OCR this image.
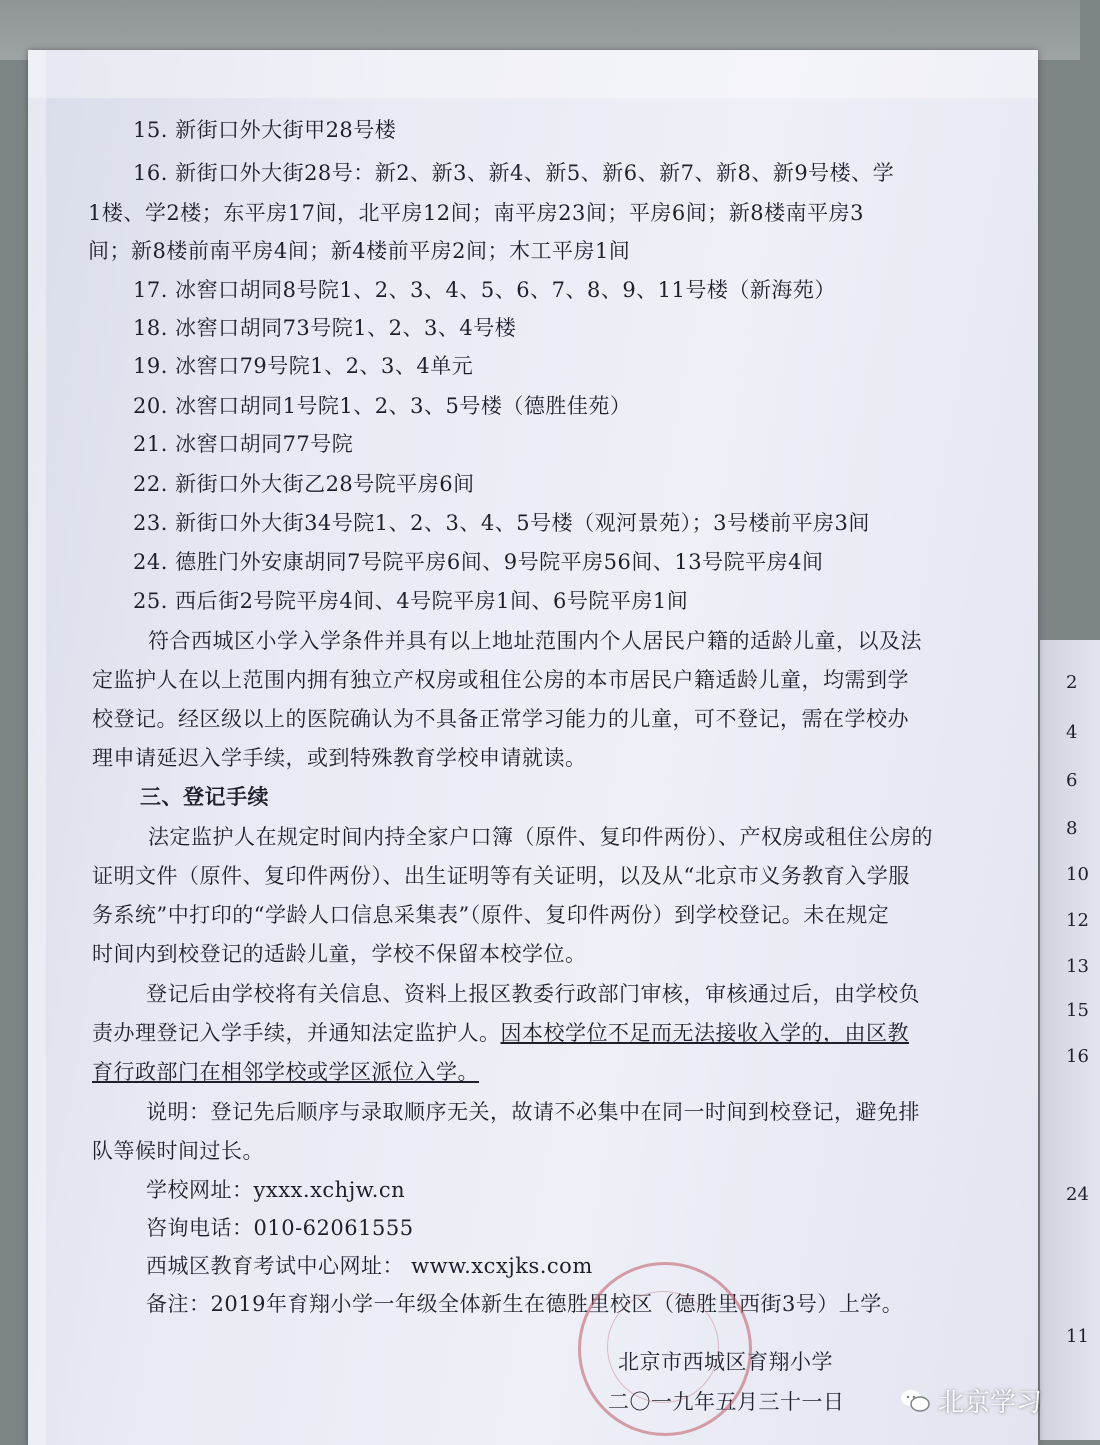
2
4
6
8
10
12
13
15
16
24
11
15. 新街口外大街甲28号楼
16. 新街口外大街28号：新2、新3、新4、新5、新6、新7、新8、新9号楼、学
1楼、学2楼；东平房17间，北平房12间；南平房23间；平房6间；新8楼南平房3
间；新8楼前南平房4间；新4楼前平房2间；木工平房1间
17. 冰窖口胡同8号院1、2、3、4、5、6、7、8、9、11号楼（新海苑）
18. 冰窖口胡同73号院1、2、3、4号楼
19. 冰窖口79号院1、2、3、4单元
20. 冰窖口胡同1号院1、2、3、5号楼（德胜佳苑）
21. 冰窖口胡同77号院
22. 新街口外大街乙28号院平房6间
23. 新街口外大街34号院1、2、3、4、5号楼（观河景苑）；3号楼前平房3间
24. 德胜门外安康胡同7号院平房6间、9号院平房56间、13号院平房4间
25. 西后街2号院平房4间、4号院平房1间、6号院平房1间
符合西城区小学入学条件并具有以上地址范围内个人居民户籍的适龄儿童，以及法
定监护人在以上范围内拥有独立产权房或租住公房的本市居民户籍适龄儿童，均需到学
校登记。经区级以上的医院确认为不具备正常学习能力的儿童，可不登记，需在学校办
理申请延迟入学手续，或到特殊教育学校申请就读。
三、登记手续
法定监护人在规定时间内持全家户口簿（原件、复印件两份）、产权房或租住公房的
证明文件（原件、复印件两份）、出生证明等有关证明，以及从“北京市义务教育入学服
务系统”中打印的“学龄人口信息采集表”（原件、复印件两份）到学校登记。未在规定
时间内到校登记的适龄儿童，学校不保留本校学位。
登记后由学校将有关信息、资料上报区教委行政部门审核，审核通过后，由学校负
责办理登记入学手续，并通知法定监护人。因本校学位不足而无法接收入学的，由区教
育行政部门在相邻学校或学区派位入学。
说明：登记先后顺序与录取顺序无关，故请不必集中在同一时间到校登记，避免排
队等候时间过长。
学校网址：yxxx.xchjw.cn
咨询电话：010-62061555
西城区教育考试中心网址： www.xcxjks.com
备注：2019年育翔小学一年级全体新生在德胜里校区（德胜里西街3号）上学。
北京市西城区育翔小学
二〇一九年五月三十一日	北京学习
